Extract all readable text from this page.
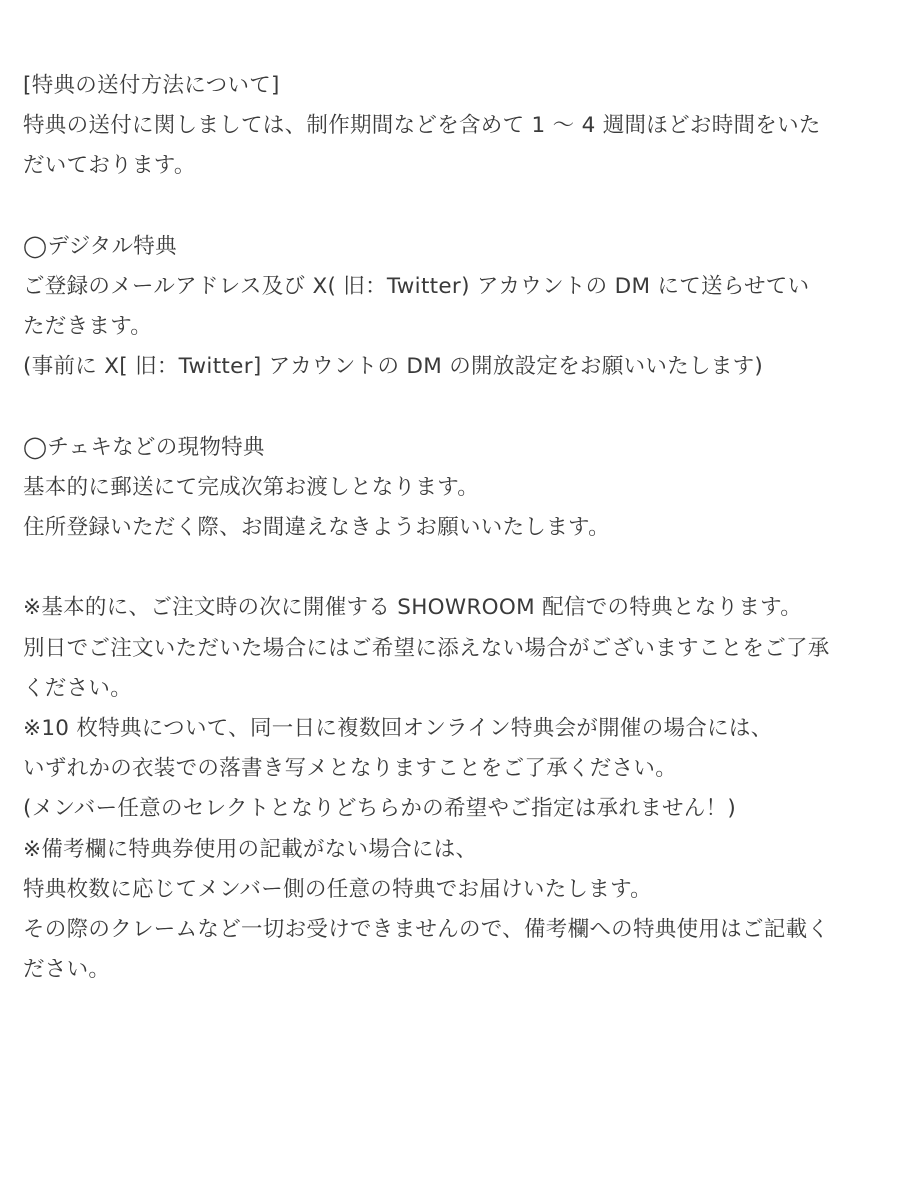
[特典の送付方法について]
特典の送付に関しましては、制作期間などを含めて 1 〜 4 週間ほどお時間をいた
だいております。
◯デジタル特典
ご登録のメールアドレス及び X( 旧：Twitter) アカウントの DM にて送らせてい
ただきます。
(事前に X[ 旧：Twitter] アカウントの DM の開放設定をお願いいたします)
◯チェキなどの現物特典
基本的に郵送にて完成次第お渡しとなります。
住所登録いただく際、お間違えなきようお願いいたします。
※基本的に、ご注文時の次に開催する SHOWROOM 配信での特典となります。
別日でご注文いただいた場合にはご希望に添えない場合がございますことをご了承
ください。
※10 枚特典について、同一日に複数回オンライン特典会が開催の場合には、
いずれかの衣装での落書き写メとなりますことをご了承ください。
(メンバー任意のセレクトとなりどちらかの希望やご指定は承れません！)
※備考欄に特典券使用の記載がない場合には、
特典枚数に応じてメンバー側の任意の特典でお届けいたします。
その際のクレームなど一切お受けできませんので、備考欄への特典使用はご記載く
ださい。
